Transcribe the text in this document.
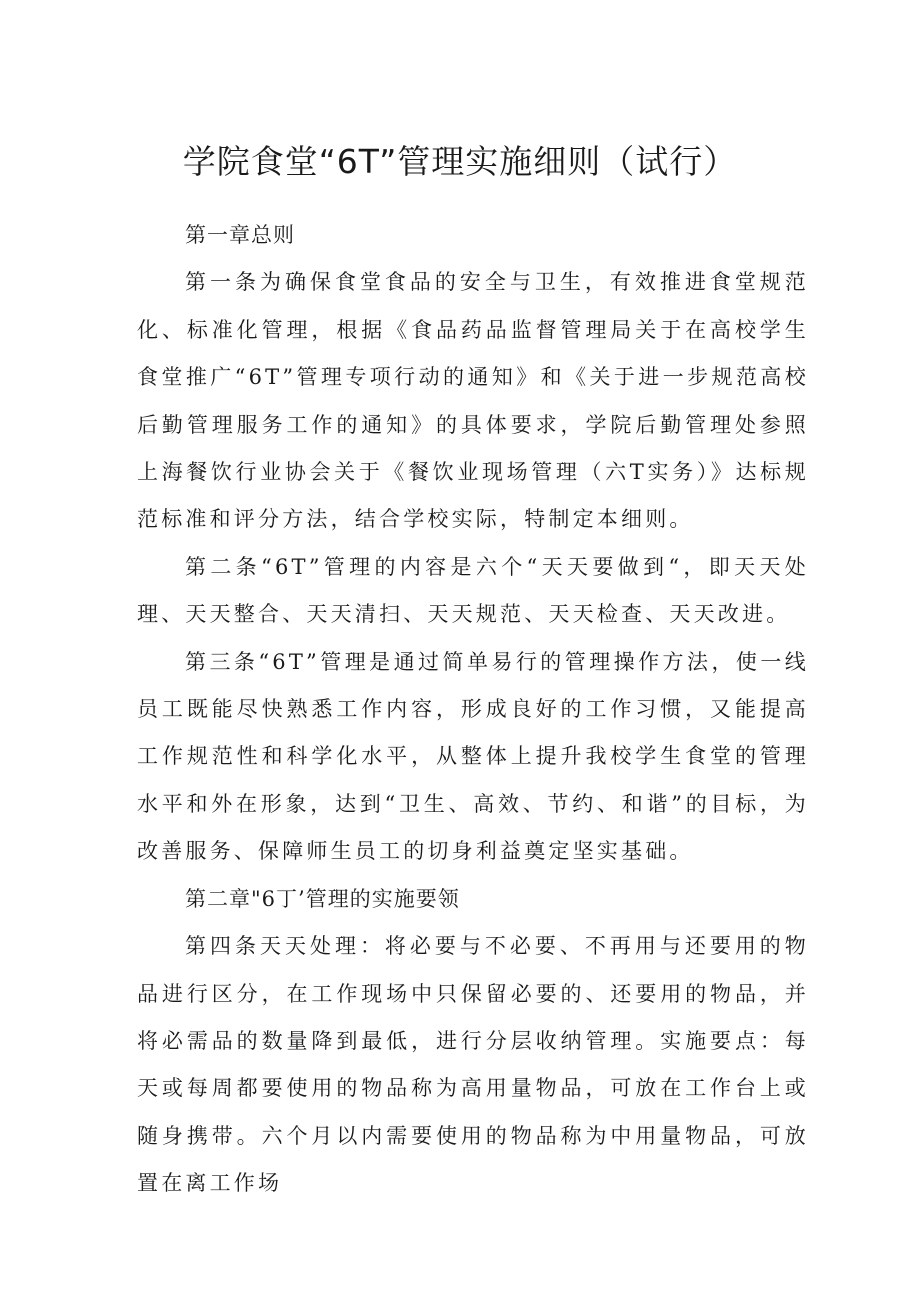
学院食堂“6T”管理实施细则（试行）

第一章总则

第一条为确保食堂食品的安全与卫生，有效推进食堂规范化、标准化管理，根据《食品药品监督管理局关于在高校学生食堂推广“6T”管理专项行动的通知》和《关于进一步规范高校后勤管理服务工作的通知》的具体要求，学院后勤管理处参照上海餐饮行业协会关于《餐饮业现场管理（六T实务）》达标规范标准和评分方法，结合学校实际，特制定本细则。

第二条“6T”管理的内容是六个“天天要做到“，即天天处理、天天整合、天天清扫、天天规范、天天检查、天天改进。

第三条“6T”管理是通过简单易行的管理操作方法，使一线员工既能尽快熟悉工作内容，形成良好的工作习惯，又能提高工作规范性和科学化水平，从整体上提升我校学生食堂的管理水平和外在形象，达到“卫生、高效、节约、和谐”的目标，为改善服务、保障师生员工的切身利益奠定坚实基础。

第二章"6丁’管理的实施要领

第四条天天处理：将必要与不必要、不再用与还要用的物品进行区分，在工作现场中只保留必要的、还要用的物品，并将必需品的数量降到最低，进行分层收纳管理。实施要点：每天或每周都要使用的物品称为高用量物品，可放在工作台上或随身携带。六个月以内需要使用的物品称为中用量物品，可放置在离工作场
